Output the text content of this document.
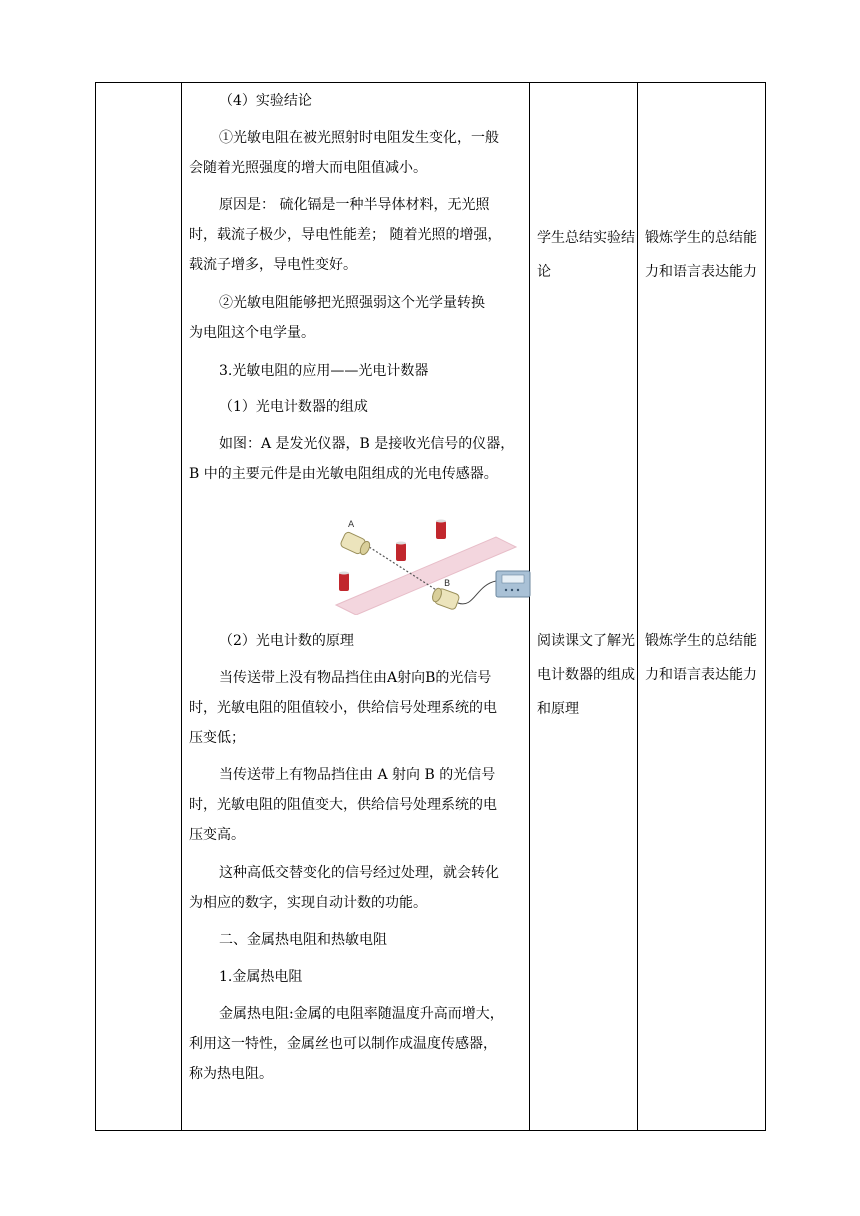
（4）实验结论
①光敏电阻在被光照射时电阻发生变化，一般
会随着光照强度的增大而电阻值减小。
原因是： 硫化镉是一种半导体材料，无光照
时，载流子极少，导电性能差； 随着光照的增强，
载流子增多，导电性变好。
②光敏电阻能够把光照强弱这个光学量转换
为电阻这个电学量。
3.光敏电阻的应用——光电计数器
（1）光电计数器的组成
如图：A 是发光仪器，B 是接收光信号的仪器，
B 中的主要元件是由光敏电阻组成的光电传感器。
A
B
（2）光电计数的原理
当传送带上没有物品挡住由A射向B的光信号
时，光敏电阻的阻值较小，供给信号处理系统的电
压变低；
当传送带上有物品挡住由 A 射向 B 的光信号
时，光敏电阻的阻值变大，供给信号处理系统的电
压变高。
这种高低交替变化的信号经过处理，就会转化
为相应的数字，实现自动计数的功能。
二、金属热电阻和热敏电阻
1.金属热电阻
金属热电阻:金属的电阻率随温度升高而增大，
利用这一特性，金属丝也可以制作成温度传感器，
称为热电阻。
学生总结实验结论
阅读课文了解光电计数器的组成和原理
锻炼学生的总结能力和语言表达能力
锻炼学生的总结能力和语言表达能力
